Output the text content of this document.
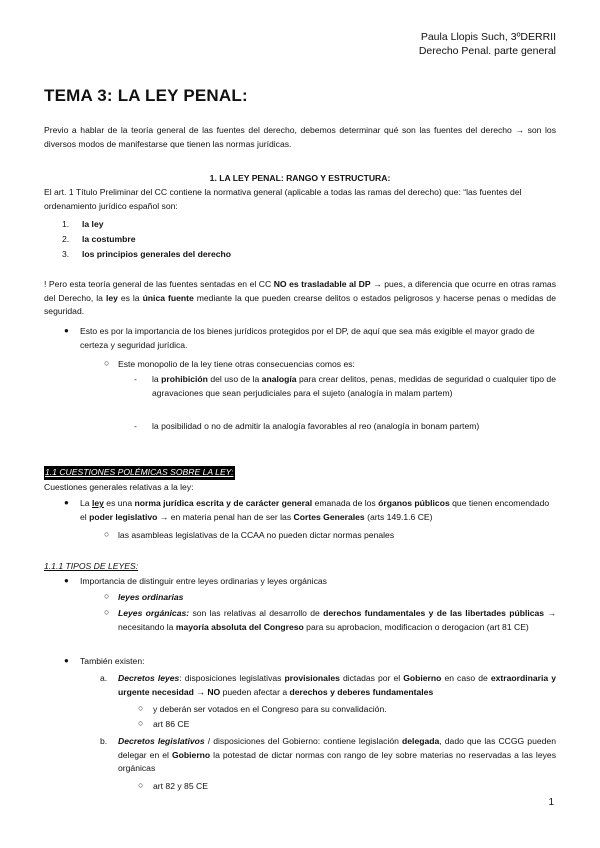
Paula Llopis Such, 3ºDERRII
Derecho Penal. parte general
TEMA 3: LA LEY PENAL:
Previo a hablar de la teoría general de las fuentes del derecho, debemos determinar qué son las fuentes del derecho → son los diversos modos de manifestarse que tienen las normas jurídicas.
1. LA LEY PENAL: RANGO Y ESTRUCTURA:
El art. 1 Título Preliminar del CC contiene la normativa general (aplicable a todas las ramas del derecho) que: “las fuentes del ordenamiento jurídico español son:
1. la ley
2. la costumbre
3. los principios generales del derecho
! Pero esta teoría general de las fuentes sentadas en el CC NO es trasladable al DP → pues, a diferencia que ocurre en otras ramas del Derecho, la ley es la única fuente mediante la que pueden crearse delitos o estados peligrosos y hacerse penas o medidas de seguridad.
● Esto es por la importancia de los bienes jurídicos protegidos por el DP, de aquí que sea más exigible el mayor grado de certeza y seguridad jurídica.
○ Este monopolio de la ley tiene otras consecuencias comos es:
- la prohibición del uso de la analogía para crear delitos, penas, medidas de seguridad o cualquier tipo de agravaciones que sean perjudiciales para el sujeto (analogía in malam partem)
- la posibilidad o no de admitir la analogía favorables al reo (analogía in bonam partem)
1.1 CUESTIONES POLÉMICAS SOBRE LA LEY:
Cuestiones generales relativas a la ley:
● La ley es una norma jurídica escrita y de carácter general emanada de los órganos públicos que tienen encomendado el poder legislativo → en materia penal han de ser las Cortes Generales (arts 149.1.6 CE)
○ las asambleas legislativas de la CCAA no pueden dictar normas penales
1.1.1 TIPOS DE LEYES:
● Importancia de distinguir entre leyes ordinarias y leyes orgánicas
○ leyes ordinarias
○ Leyes orgánicas: son las relativas al desarrollo de derechos fundamentales y de las libertades públicas → necesitando la mayoría absoluta del Congreso para su aprobacion, modificacion o derogacion (art 81 CE)
● También existen:
a. Decretos leyes: disposiciones legislativas provisionales dictadas por el Gobierno en caso de extraordinaria y urgente necesidad → NO pueden afectar a derechos y deberes fundamentales
○ y deberán ser votados en el Congreso para su convalidación.
○ art 86 CE
b. Decretos legislativos / disposiciones del Gobierno: contiene legislación delegada, dado que las CCGG pueden delegar en el Gobierno la potestad de dictar normas con rango de ley sobre materias no reservadas a las leyes orgánicas
○ art 82 y 85 CE
1
